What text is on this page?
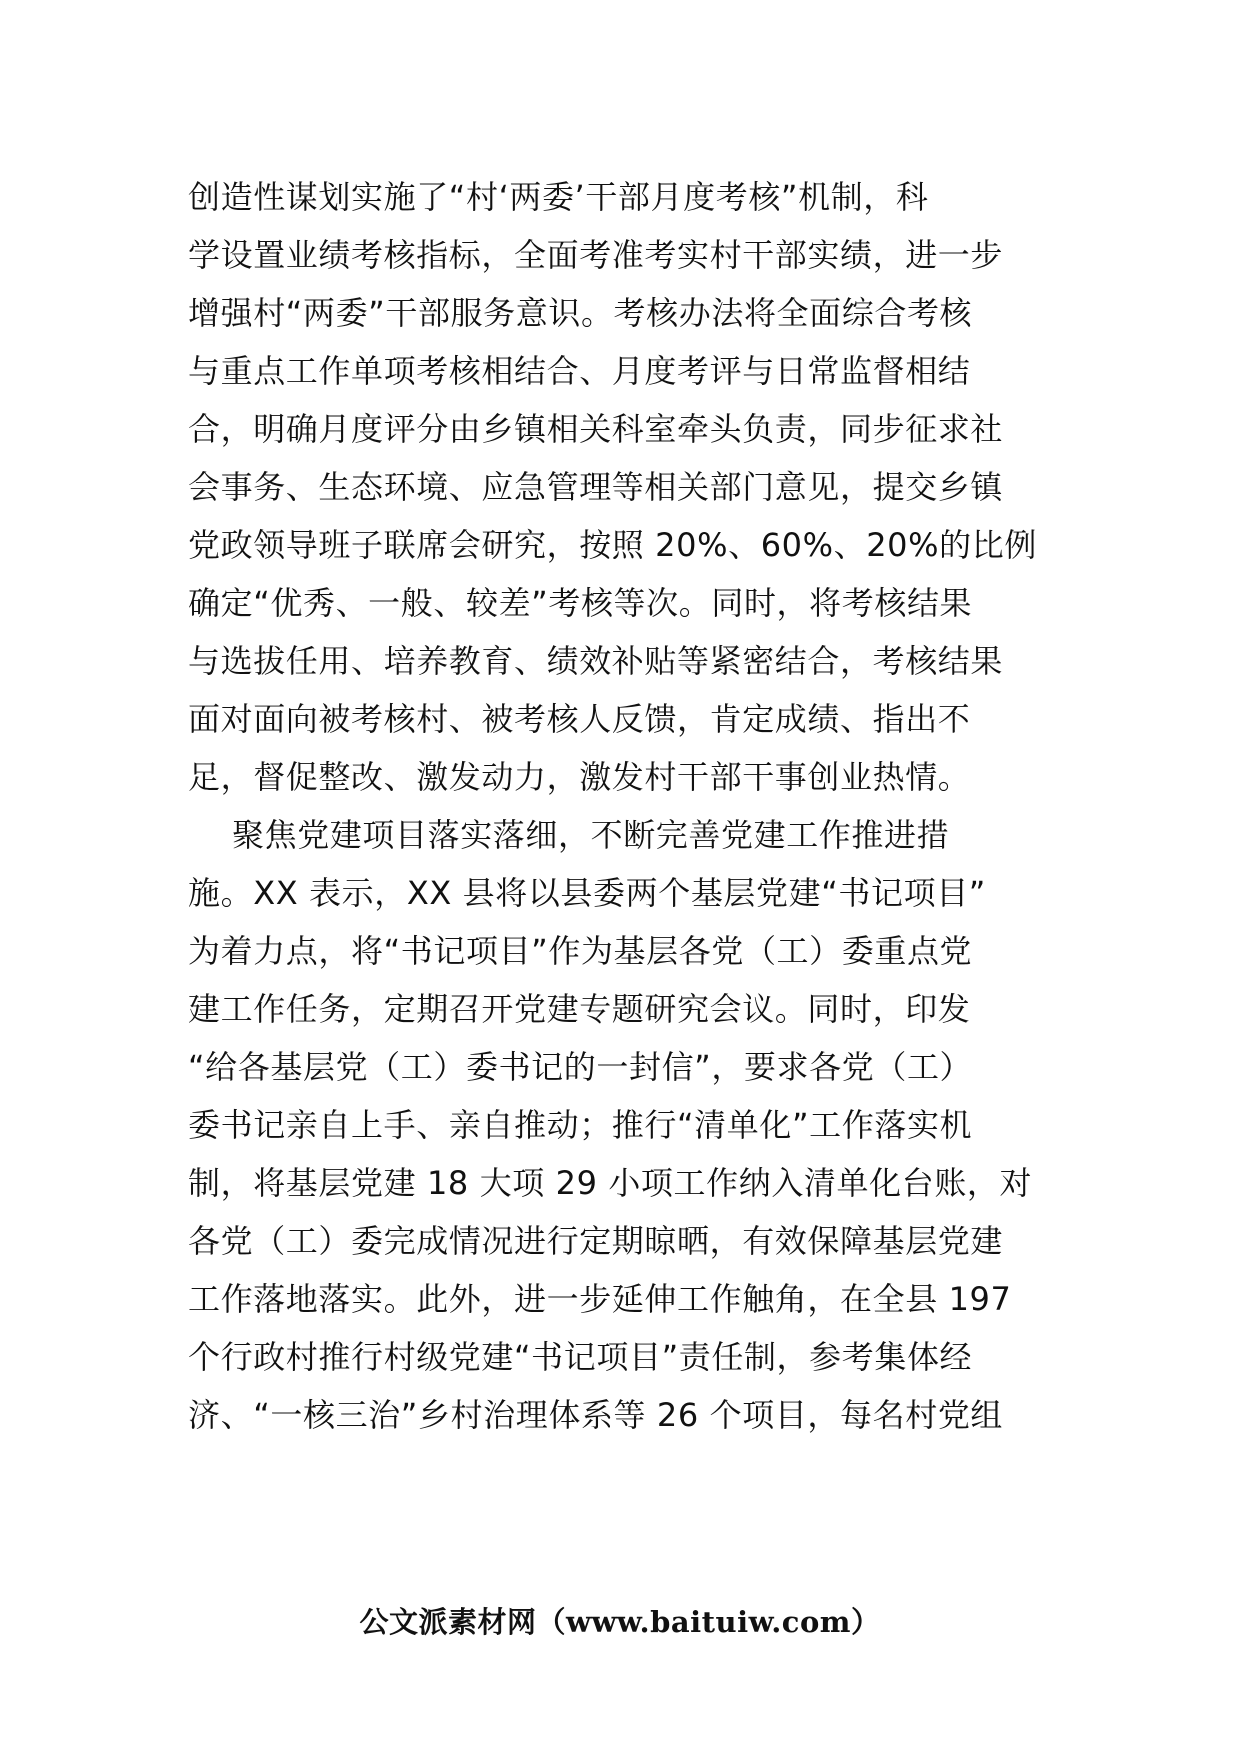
创造性谋划实施了“村‘两委’干部月度考核”机制，科
学设置业绩考核指标，全面考准考实村干部实绩，进一步
增强村“两委”干部服务意识。考核办法将全面综合考核
与重点工作单项考核相结合、月度考评与日常监督相结
合，明确月度评分由乡镇相关科室牵头负责，同步征求社
会事务、生态环境、应急管理等相关部门意见，提交乡镇
党政领导班子联席会研究，按照 20%、60%、20%的比例
确定“优秀、一般、较差”考核等次。同时，将考核结果
与选拔任用、培养教育、绩效补贴等紧密结合，考核结果
面对面向被考核村、被考核人反馈，肯定成绩、指出不
足，督促整改、激发动力，激发村干部干事创业热情。
聚焦党建项目落实落细，不断完善党建工作推进措
施。XX 表示，XX 县将以县委两个基层党建“书记项目”
为着力点，将“书记项目”作为基层各党（工）委重点党
建工作任务，定期召开党建专题研究会议。同时，印发
“给各基层党（工）委书记的一封信”，要求各党（工）
委书记亲自上手、亲自推动；推行“清单化”工作落实机
制，将基层党建 18 大项 29 小项工作纳入清单化台账，对
各党（工）委完成情况进行定期晾晒，有效保障基层党建
工作落地落实。此外，进一步延伸工作触角，在全县 197
个行政村推行村级党建“书记项目”责任制，参考集体经
济、“一核三治”乡村治理体系等 26 个项目，每名村党组
公文派素材网（www.baituiw.com）
